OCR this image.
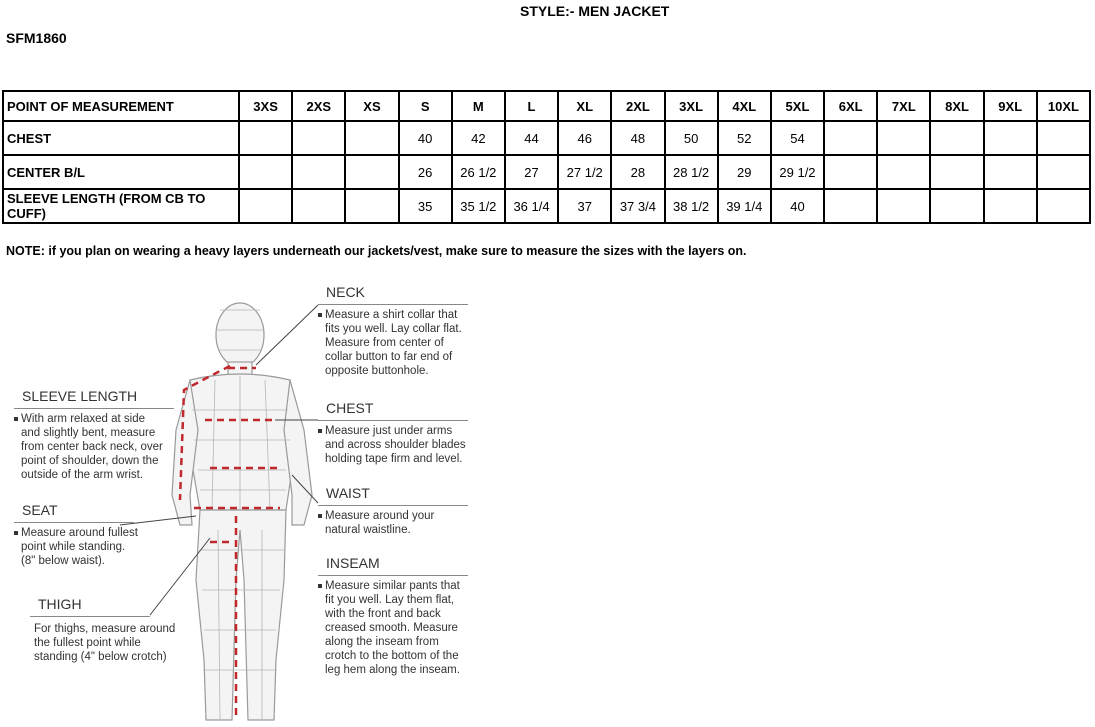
STYLE:- MEN JACKET
SFM1860
POINT OF MEASUREMENT	3XS	2XS	XS	S	M	L	XL	2XL	3XL	4XL	5XL	6XL	7XL	8XL	9XL	10XL
CHEST				40	42	44	46	48	50	52	54					
CENTER B/L				26	26 1/2	27	27 1/2	28	28 1/2	29	29 1/2					
SLEEVE LENGTH (FROM CB TO CUFF)				35	35 1/2	36 1/4	37	37 3/4	38 1/2	39 1/4	40					
NOTE: if you plan on wearing a heavy layers underneath our jackets/vest, make sure to measure the sizes with the layers on.
NECK
Measure a shirt collar that
fits you well. Lay collar flat.
Measure from center of
collar button to far end of
opposite buttonhole.
CHEST
Measure just under arms
and across shoulder blades
holding tape firm and level.
WAIST
Measure around your
natural waistline.
INSEAM
Measure similar pants that
fit you well. Lay them flat,
with the front and back
creased smooth. Measure
along the inseam from
crotch to the bottom of the
leg hem along the inseam.
SLEEVE LENGTH
With arm relaxed at side
and slightly bent, measure
from center back neck, over
point of shoulder, down the
outside of the arm wrist.
SEAT
Measure around fullest
point while standing.
(8" below waist).
THIGH
For thighs, measure around
the fullest point while
standing (4" below crotch)
